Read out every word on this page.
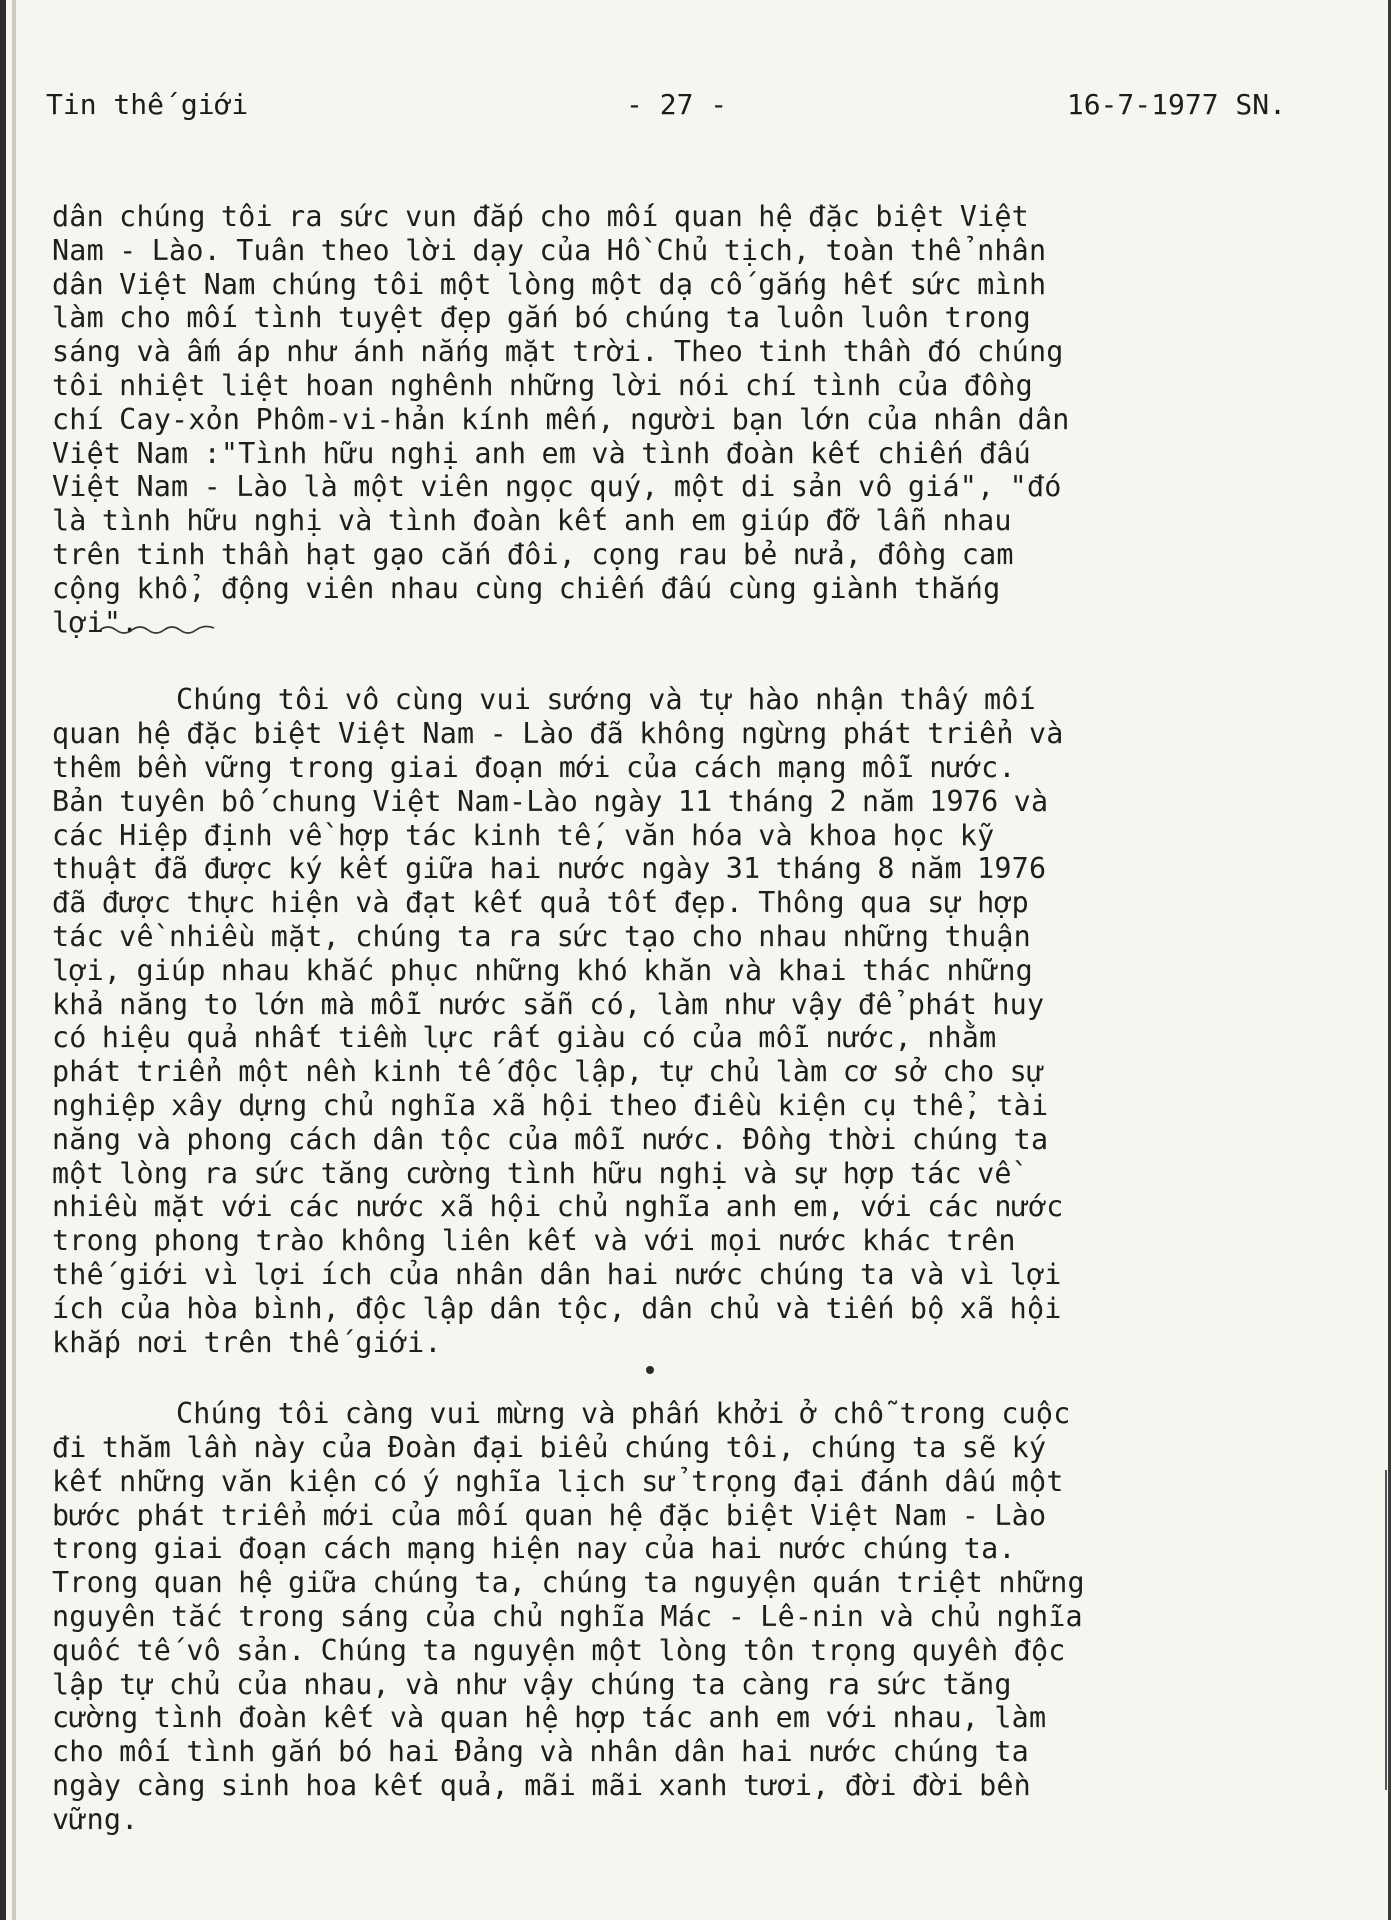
Tin thế giới	- 27 -	16-7-1977 SN.

dân chúng tôi ra sức vun đắp cho mối quan hệ đặc biệt Việt
Nam - Lào. Tuân theo lời dạy của Hồ Chủ tịch, toàn thể nhân
dân Việt Nam chúng tôi một lòng một dạ cố gắng hết sức mình
làm cho mối tình tuyệt đẹp gắn bó chúng ta luôn luôn trong
sáng và ấm áp như ánh nắng mặt trời. Theo tinh thần đó chúng
tôi nhiệt liệt hoan nghênh những lời nói chí tình của đồng
chí Cay-xỏn Phôm-vi-hản kính mến, người bạn lớn của nhân dân
Việt Nam :"Tình hữu nghị anh em và tình đoàn kết chiến đấu
Việt Nam - Lào là một viên ngọc quý, một di sản vô giá", "đó
là tình hữu nghị và tình đoàn kết anh em giúp đỡ lẫn nhau
trên tinh thần hạt gạo cắn đôi, cọng rau bẻ nửa, đồng cam
cộng khổ, động viên nhau cùng chiến đấu cùng giành thắng
lợi".

Chúng tôi vô cùng vui sướng và tự hào nhận thấy mối
quan hệ đặc biệt Việt Nam - Lào đã không ngừng phát triển và
thêm bền vững trong giai đoạn mới của cách mạng mỗi nước.
Bản tuyên bố chung Việt Nam-Lào ngày 11 tháng 2 năm 1976 và
các Hiệp định về hợp tác kinh tế, văn hóa và khoa học kỹ
thuật đã được ký kết giữa hai nước ngày 31 tháng 8 năm 1976
đã được thực hiện và đạt kết quả tốt đẹp. Thông qua sự hợp
tác về nhiều mặt, chúng ta ra sức tạo cho nhau những thuận
lợi, giúp nhau khắc phục những khó khăn và khai thác những
khả năng to lớn mà mỗi nước sẵn có, làm như vậy để phát huy
có hiệu quả nhất tiềm lực rất giàu có của mỗi nước, nhằm
phát triển một nền kinh tế độc lập, tự chủ làm cơ sở cho sự
nghiệp xây dựng chủ nghĩa xã hội theo điều kiện cụ thể, tài
năng và phong cách dân tộc của mỗi nước. Đồng thời chúng ta
một lòng ra sức tăng cường tình hữu nghị và sự hợp tác về
nhiều mặt với các nước xã hội chủ nghĩa anh em, với các nước
trong phong trào không liên kết và với mọi nước khác trên
thế giới vì lợi ích của nhân dân hai nước chúng ta và vì lợi
ích của hòa bình, độc lập dân tộc, dân chủ và tiến bộ xã hội
khắp nơi trên thế giới.

Chúng tôi càng vui mừng và phấn khởi ở chỗ trong cuộc
đi thăm lần này của Đoàn đại biểu chúng tôi, chúng ta sẽ ký
kết những văn kiện có ý nghĩa lịch sử trọng đại đánh dấu một
bước phát triển mới của mối quan hệ đặc biệt Việt Nam - Lào
trong giai đoạn cách mạng hiện nay của hai nước chúng ta.
Trong quan hệ giữa chúng ta, chúng ta nguyện quán triệt những
nguyên tắc trong sáng của chủ nghĩa Mác - Lê-nin và chủ nghĩa
quốc tế vô sản. Chúng ta nguyện một lòng tôn trọng quyền độc
lập tự chủ của nhau, và như vậy chúng ta càng ra sức tăng
cường tình đoàn kết và quan hệ hợp tác anh em với nhau, làm
cho mối tình gắn bó hai Đảng và nhân dân hai nước chúng ta
ngày càng sinh hoa kết quả, mãi mãi xanh tươi, đời đời bền
vững.
